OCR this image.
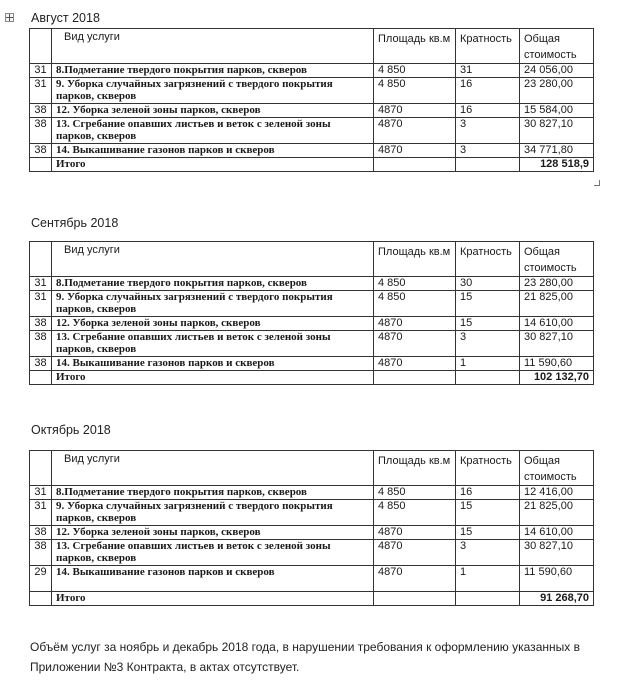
Август 2018
	Вид услуги	Площадь кв.м	Кратность	Общая стоимость
31	8.Подметание твердого покрытия парков, скверов	4 850	31	24 056,00
31	9. Уборка случайных загрязнений с твердого покрытия парков, скверов	4 850	16	23 280,00
38	12. Уборка зеленой зоны парков, скверов	4870	16	15 584,00
38	13. Сгребание опавших листьев и веток с зеленой зоны парков, скверов	4870	3	30 827,10
38	14. Выкашивание газонов парков и скверов	4870	3	34 771,80
	Итого			128 518,9
Сентябрь 2018
	Вид услуги	Площадь кв.м	Кратность	Общая стоимость
31	8.Подметание твердого покрытия парков, скверов	4 850	30	23 280,00
31	9. Уборка случайных загрязнений с твердого покрытия парков, скверов	4 850	15	21 825,00
38	12. Уборка зеленой зоны парков, скверов	4870	15	14 610,00
38	13. Сгребание опавших листьев и веток с зеленой зоны парков, скверов	4870	3	30 827,10
38	14. Выкашивание газонов парков и скверов	4870	1	11 590,60
	Итого			102 132,70
Октябрь 2018
	Вид услуги	Площадь кв.м	Кратность	Общая стоимость
31	8.Подметание твердого покрытия парков, скверов	4 850	16	12 416,00
31	9. Уборка случайных загрязнений с твердого покрытия парков, скверов	4 850	15	21 825,00
38	12. Уборка зеленой зоны парков, скверов	4870	15	14 610,00
38	13. Сгребание опавших листьев и веток с зеленой зоны парков, скверов	4870	3	30 827,10
29	14. Выкашивание газонов парков и скверов	4870	1	11 590,60
	Итого			91 268,70
Объём услуг за ноябрь и декабрь 2018 года, в нарушении требования к оформлению указанных в Приложении №3 Контракта, в актах отсутствует.
